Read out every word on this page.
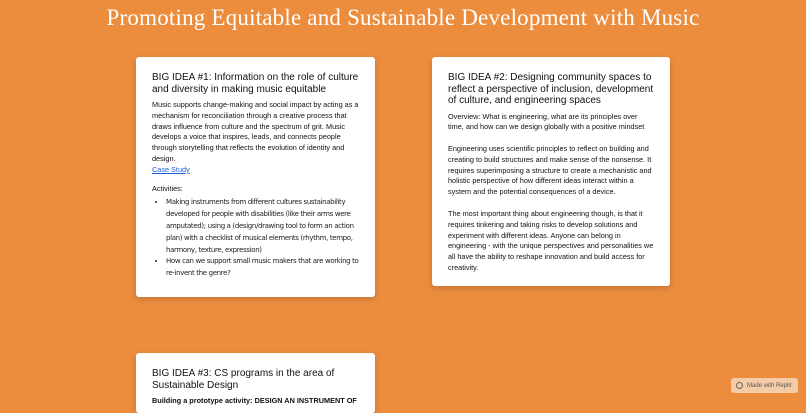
Promoting Equitable and Sustainable Development with Music
BIG IDEA #1: Information on the role of culture and diversity in making music equitable

Music supports change-making and social impact by acting as a mechanism for reconciliation through a creative process that draws influence from culture and the spectrum of grit. Music develops a voice that inspires, leads, and connects people through storytelling that reflects the evolution of identity and design.

Case Study
Activities:
• Making instruments from different cultures sustainability developed for people with disabilities (like their arms were amputated); using a (design/drawing tool to form an action plan) with a checklist of musical elements (rhythm, tempo, harmony, texture, expression)
• How can we support small music makers that are working to re-invent the genre?
BIG IDEA #2: Designing community spaces to reflect a perspective of inclusion, development of culture, and engineering spaces

Overview: What is engineering, what are its principles over time, and how can we design globally with a positive mindset

Engineering uses scientific principles to reflect on building and creating to build structures and make sense of the nonsense. It requires superimposing a structure to create a mechanistic and holistic perspective of how different ideas interact within a system and the potential consequences of a device.

The most important thing about engineering though, is that it requires tinkering and taking risks to develop solutions and experiment with different ideas. Anyone can belong in engineering - with the unique perspectives and personalities we all have the ability to reshape innovation and build access for creativity.

BIG IDEA #3: CS programs in the area of Sustainable Design
Building a prototype activity: DESIGN AN INSTRUMENT OF
Made with Replit
